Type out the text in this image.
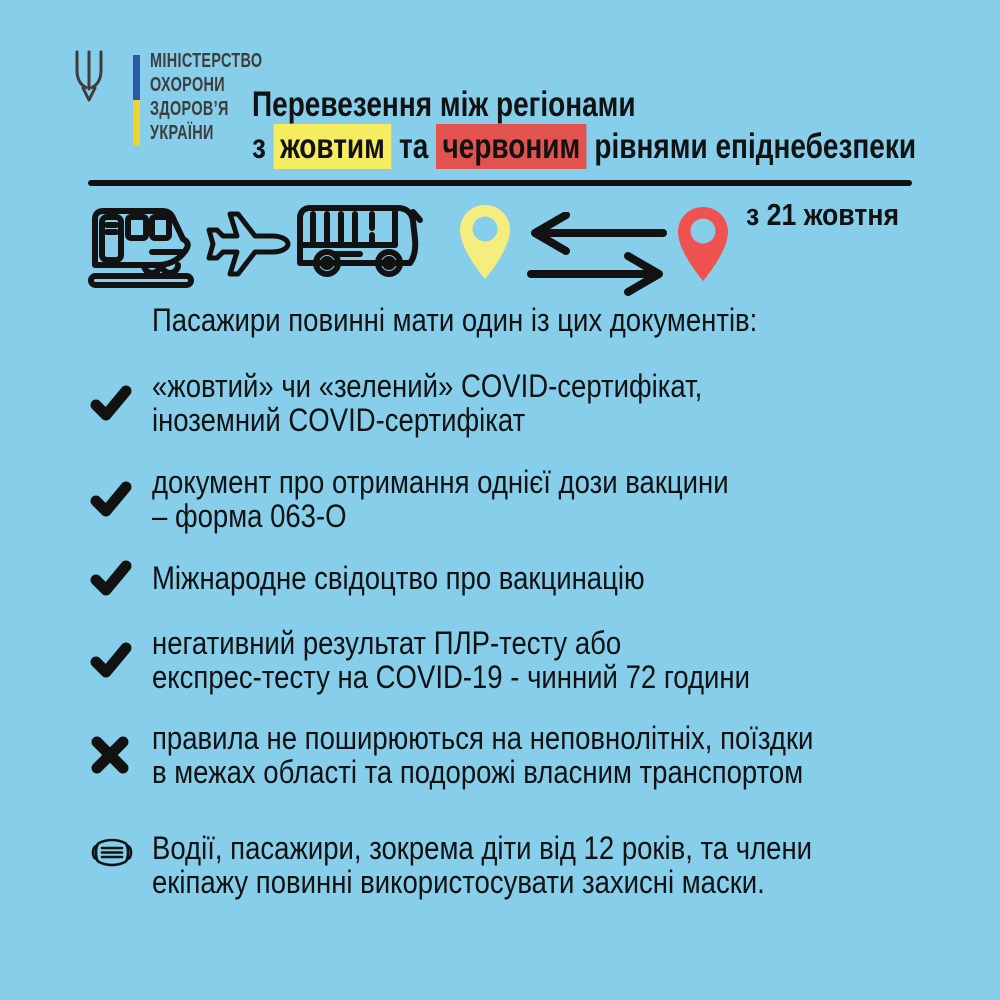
МІНІСТЕРСТВО
ОХОРОНИ
ЗДОРОВ’Я
УКРАЇНИ
Перевезення між регіонами
з жовтим та червоним рівнями епіднебезпеки
з 21 жовтня
Пасажири повинні мати один із цих документів:
«жовтий» чи «зелений» COVID-сертифікат,
іноземний COVID-сертифікат
документ про отримання однієї дози вакцини
– форма 063-О
Міжнародне свідоцтво про вакцинацію
негативний результат ПЛР-тесту або
експрес-тесту на COVID-19 - чинний 72 години
правила не поширюються на неповнолітніх, поїздки
в межах області та подорожі власним транспортом
Водії, пасажири, зокрема діти від 12 років, та члени
екіпажу повинні використосувати захисні маски.
